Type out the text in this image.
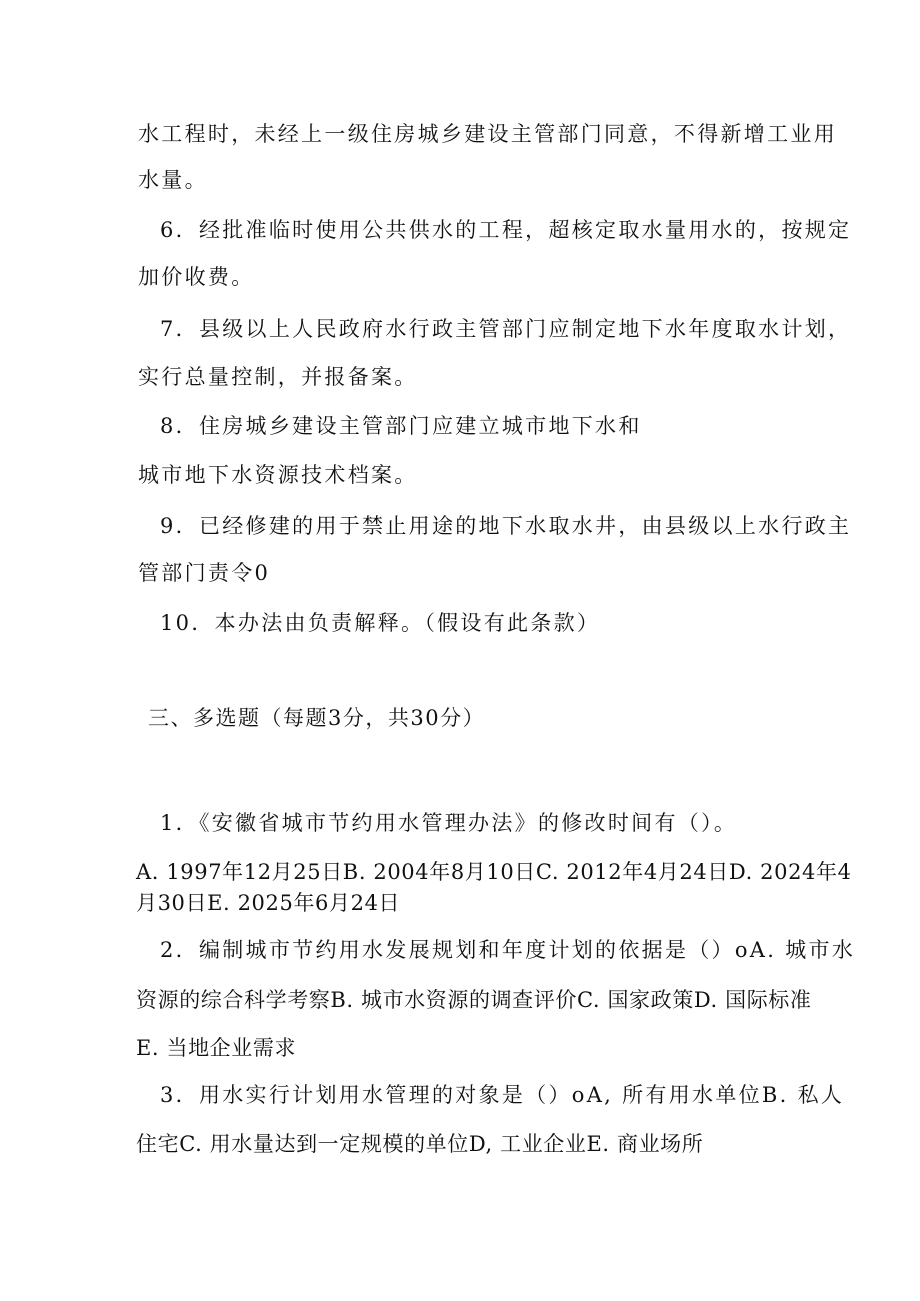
水工程时，未经上一级住房城乡建设主管部门同意，不得新增工业用
水量。
6．经批准临时使用公共供水的工程，超核定取水量用水的，按规定
加价收费。
7．县级以上人民政府水行政主管部门应制定地下水年度取水计划，
实行总量控制，并报备案。
8．住房城乡建设主管部门应建立城市地下水和
城市地下水资源技术档案。
9．已经修建的用于禁止用途的地下水取水井，由县级以上水行政主
管部门责令0
10．本办法由负责解释。（假设有此条款）
三、多选题（每题3分，共30分）
1．《安徽省城市节约用水管理办法》的修改时间有（）。
A. 1997年12月25日B. 2004年8月10日C. 2012年4月24日D. 2024年4
月30日E. 2025年6月24日
2．编制城市节约用水发展规划和年度计划的依据是（）oA. 城市水
资源的综合科学考察B. 城市水资源的调查评价C. 国家政策D. 国际标准
E. 当地企业需求
3．用水实行计划用水管理的对象是（）oA, 所有用水单位B. 私人
住宅C. 用水量达到一定规模的单位D, 工业企业E. 商业场所
